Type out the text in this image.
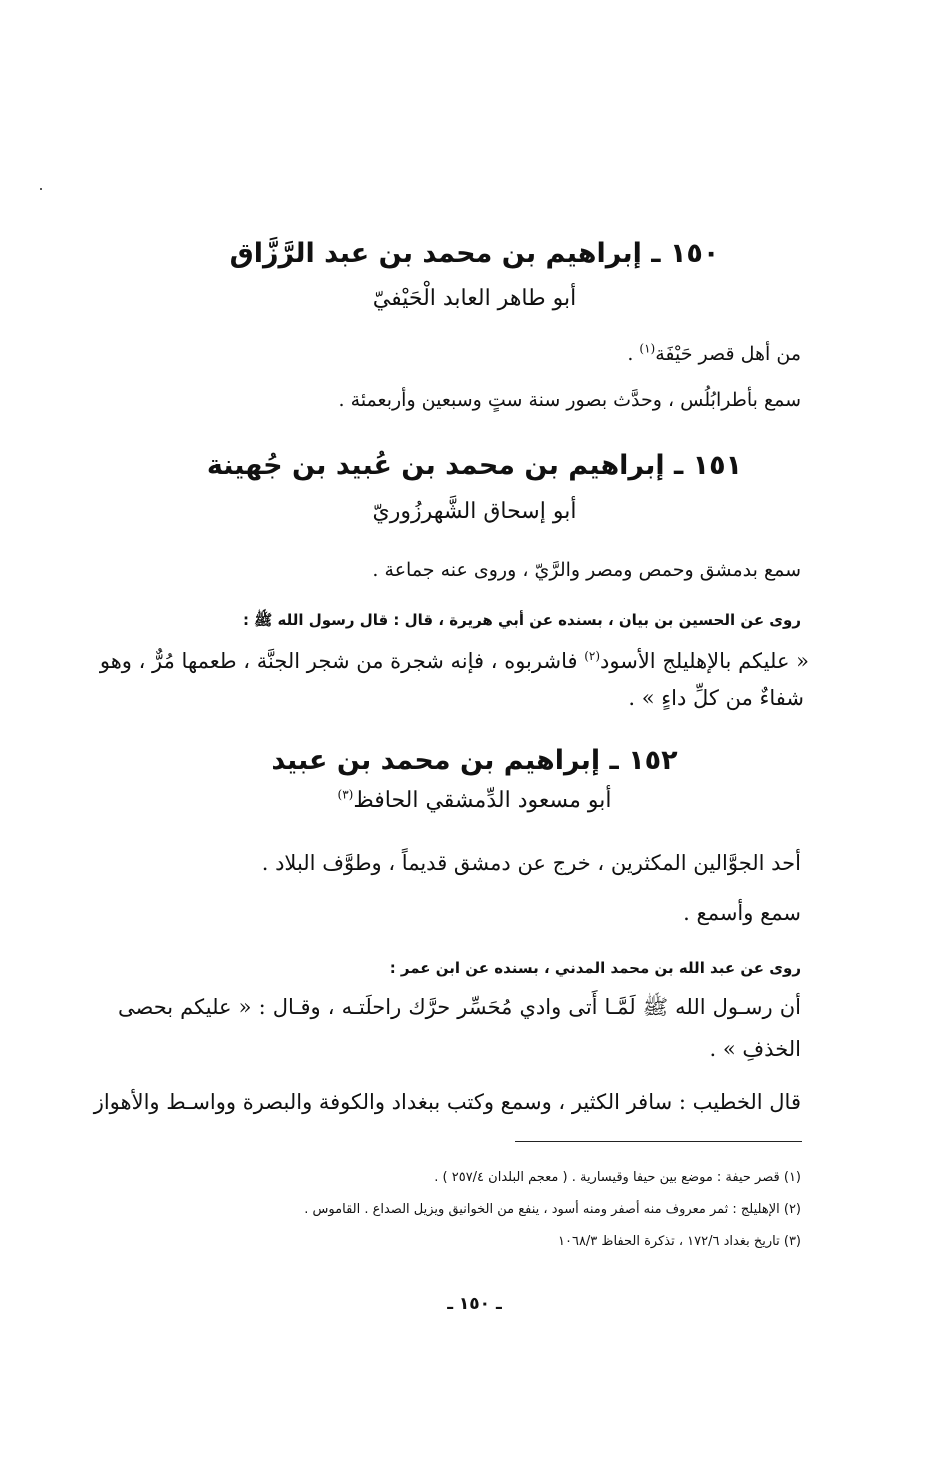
١٥٠ ـ إبراهيم بن محمد بن عبد الرَّزَّاق
أبو طاهر العابد الْحَيْفيّ
من أهل قصر حَيْفَة$^{(١)}$ .
سمع بأطرابُلُس ، وحدَّث بصور سنة ستٍ وسبعين وأربعمئة .
١٥١ ـ إبراهيم بن محمد بن عُبيد بن جُهينة
أبو إسحاق الشَّهرزُوريّ
سمع بدمشق وحمص ومصر والرَّيّ ، وروى عنه جماعة .
روى عن الحسين بن بيان ، بسنده عن أبي هريرة ، قال : قال رسول الله ﷺ :
« عليكم بالإهليلج الأسود$^{(٢)}$ فاشربوه ، فإنه شجرة من شجر الجنَّة ، طعمها مُرٌّ ، وهو
شفاءٌ من كلِّ داءٍ » .
١٥٢ ـ إبراهيم بن محمد بن عبيد
أبو مسعود الدِّمشقي الحافظ$^{(٣)}$
أحد الجوَّالين المكثرين ، خرج عن دمشق قديماً ، وطوَّف البلاد .
سمع وأسمع .
روى عن عبد الله بن محمد المدني ، بسنده عن ابن عمر :
أن رسـول الله ﷺ لَمَّـا أَتى وادي مُحَسِّر حرَّك راحلَتـه ، وقـال : « عليكم بحصى
الخذفِ » .
قال الخطيب : سافر الكثير ، وسمع وكتب ببغداد والكوفة والبصرة وواسـط والأهواز
(١) قصر حيفة : موضع بين حيفا وقيسارية . ( معجم البلدان ٢٥٧/٤ ) .
(٢) الإهليلج : ثمر معروف منه أصفر ومنه أسود ، ينفع من الخوانيق ويزيل الصداع . القاموس .
(٣) تاريخ بغداد ١٧٢/٦ ، تذكرة الحفاظ ١٠٦٨/٣
ـ ١٥٠ ـ
